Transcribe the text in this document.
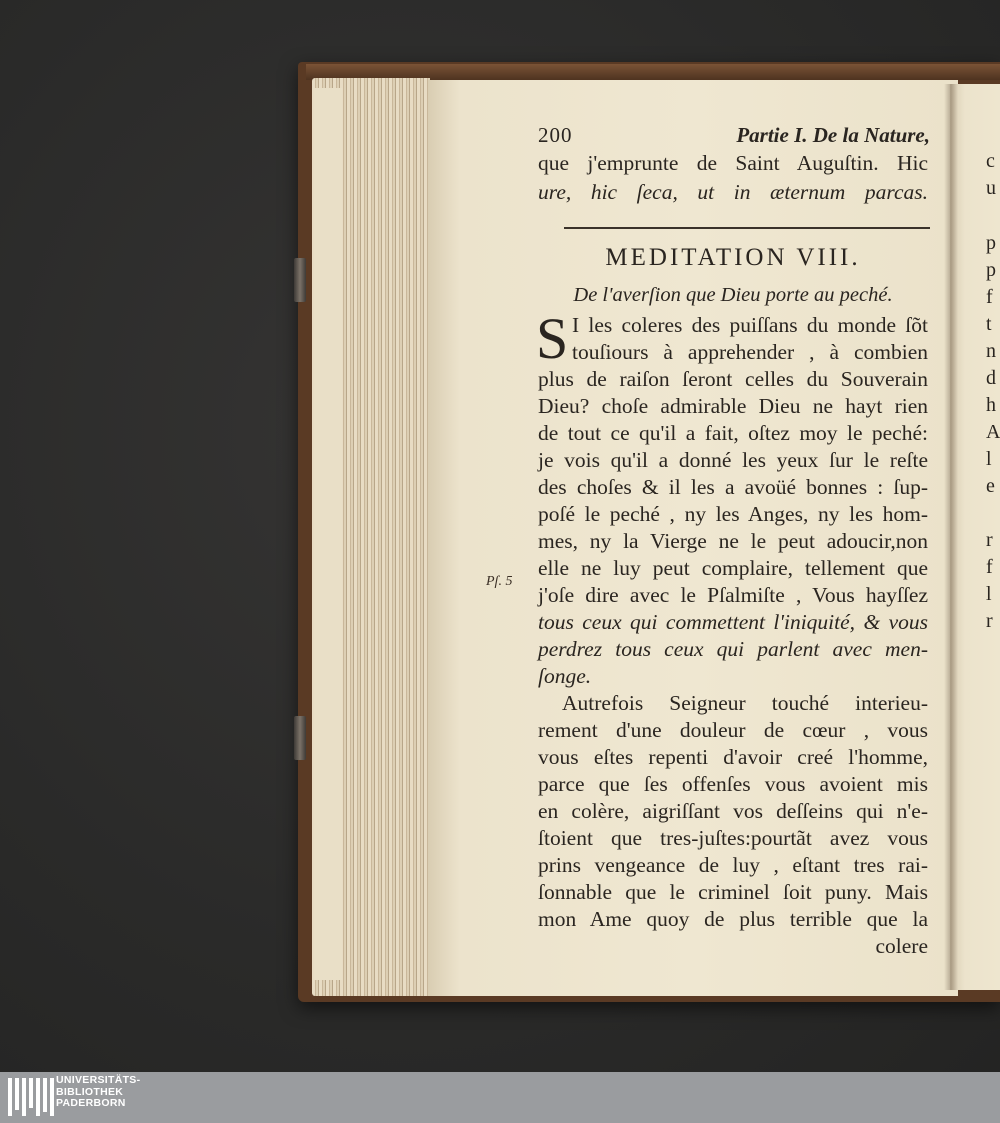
200	Partie I. De la Nature,
que j'emprunte de Saint Auguſtin. Hic
ure, hic ſeca, ut in æternum parcas.
MEDITATION VIII.
De l'averſion que Dieu porte au peché.
S I les coleres des puiſſans du monde ſõt
touſiours à apprehender , à combien
plus de raiſon ſeront celles du Souverain
Dieu? choſe admirable Dieu ne hayt rien
de tout ce qu'il a fait, oſtez moy le peché:
je vois qu'il a donné les yeux ſur le reſte
des choſes & il les a avoüé bonnes : ſup-
poſé le peché , ny les Anges, ny les hom-
mes, ny la Vierge ne le peut adoucir,non
elle ne luy peut complaire, tellement que
j'oſe dire avec le Pſalmiſte , Vous hayſſez
tous ceux qui commettent l'iniquité, & vous
perdrez tous ceux qui parlent avec men-
ſonge.
Pſ. 5
Autrefois Seigneur touché interieu-
rement d'une douleur de cœur , vous
vous eſtes repenti d'avoir creé l'homme,
parce que ſes offenſes vous avoient mis
en colère, aigriſſant vos deſſeins qui n'e-
ſtoient que tres-juſtes:pourtãt avez vous
prins vengeance de luy , eſtant tres rai-
ſonnable que le criminel ſoit puny. Mais
mon Ame quoy de plus terrible que la
colere
c
u
p
p
f
t
n
d
h
A
l
e
r
f
l
r
UNIVERSITÄTS-
BIBLIOTHEK
PADERBORN
